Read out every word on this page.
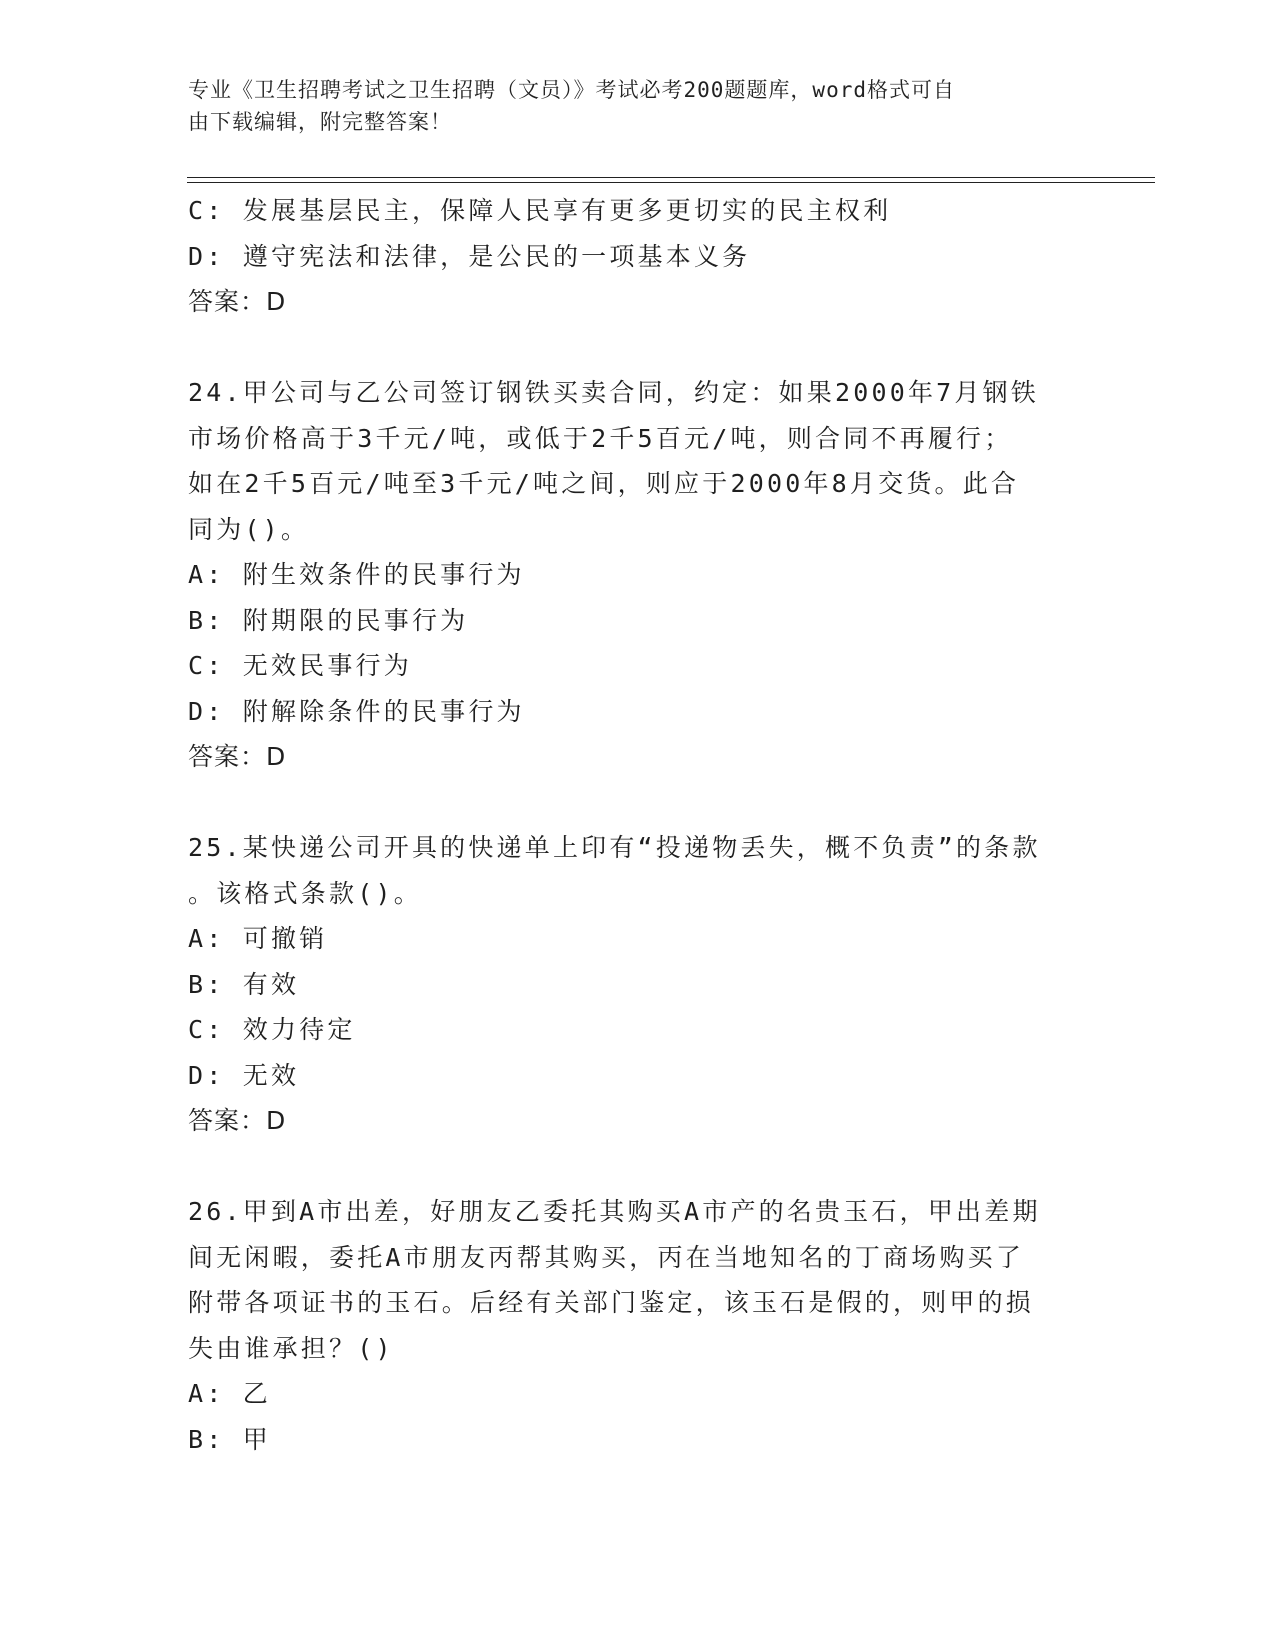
专业《卫生招聘考试之卫生招聘（文员）》考试必考200题题库，word格式可自
由下载编辑，附完整答案！
C: 发展基层民主，保障人民享有更多更切实的民主权利
D: 遵守宪法和法律，是公民的一项基本义务
答案：D
24.甲公司与乙公司签订钢铁买卖合同，约定：如果2000年7月钢铁
市场价格高于3千元/吨，或低于2千5百元/吨，则合同不再履行；
如在2千5百元/吨至3千元/吨之间，则应于2000年8月交货。此合
同为()。
A: 附生效条件的民事行为
B: 附期限的民事行为
C: 无效民事行为
D: 附解除条件的民事行为
答案：D
25.某快递公司开具的快递单上印有“投递物丢失，概不负责”的条款
。该格式条款()。
A: 可撤销
B: 有效
C: 效力待定
D: 无效
答案：D
26.甲到A市出差，好朋友乙委托其购买A市产的名贵玉石，甲出差期
间无闲暇，委托A市朋友丙帮其购买，丙在当地知名的丁商场购买了
附带各项证书的玉石。后经有关部门鉴定，该玉石是假的，则甲的损
失由谁承担？()
A: 乙
B: 甲
